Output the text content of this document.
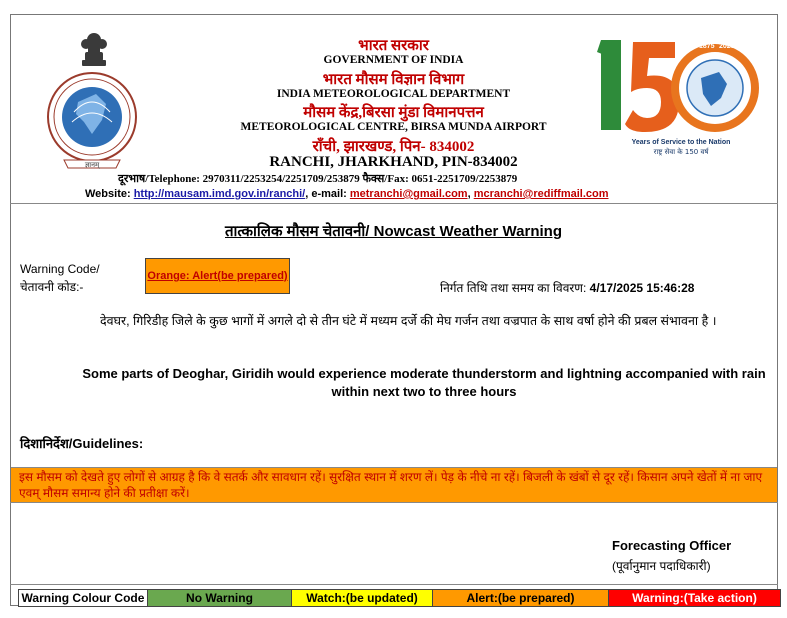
ज्ञानम्
1875 2025
Years of Service to the Nation
राष्ट्र सेवा के 150 वर्ष
भारत सरकार
GOVERNMENT OF INDIA
भारत मौसम विज्ञान विभाग
INDIA METEOROLOGICAL DEPARTMENT
मौसम केंद्र,बिरसा मुंडा विमानपत्तन
METEOROLOGICAL CENTRE, BIRSA MUNDA AIRPORT
राँची, झारखण्ड, पिन- 834002
RANCHI, JHARKHAND, PIN-834002
दूरभाष/Telephone: 2970311/2253254/2251709/253879 फैक्स/Fax: 0651-2251709/2253879
Website: http://mausam.imd.gov.in/ranchi/, e-mail: metranchi@gmail.com, mcranchi@rediffmail.com
तात्कालिक मौसम चेतावनी/ Nowcast Weather Warning
Warning Code/
चेतावनी कोड:-
Orange: Alert(be prepared)
निर्गत तिथि तथा समय का विवरण: 4/17/2025 15:46:28
देवघर, गिरिडीह जिले के कुछ भागों में अगले दो से तीन घंटे में मध्यम दर्जे की मेघ गर्जन तथा वज्रपात के साथ वर्षा होने की प्रबल संभावना है ।
Some parts of Deoghar, Giridih would experience moderate thunderstorm and lightning accompanied with rain within next two to three hours
दिशानिर्देश/Guidelines:
इस मौसम को देखते हुए लोगों से आग्रह है कि वे सतर्क और सावधान रहें। सुरक्षित स्थान में शरण लें। पेड़ के नीचे ना रहें। बिजली के खंबों से दूर रहें। किसान अपने खेतों में ना जाए एवम् मौसम समान्य होने की प्रतीक्षा करें।
Forecasting Officer
(पूर्वानुमान पदाधिकारी)
Warning Colour Code	No Warning	Watch:(be updated)	Alert:(be prepared)	Warning:(Take action)
